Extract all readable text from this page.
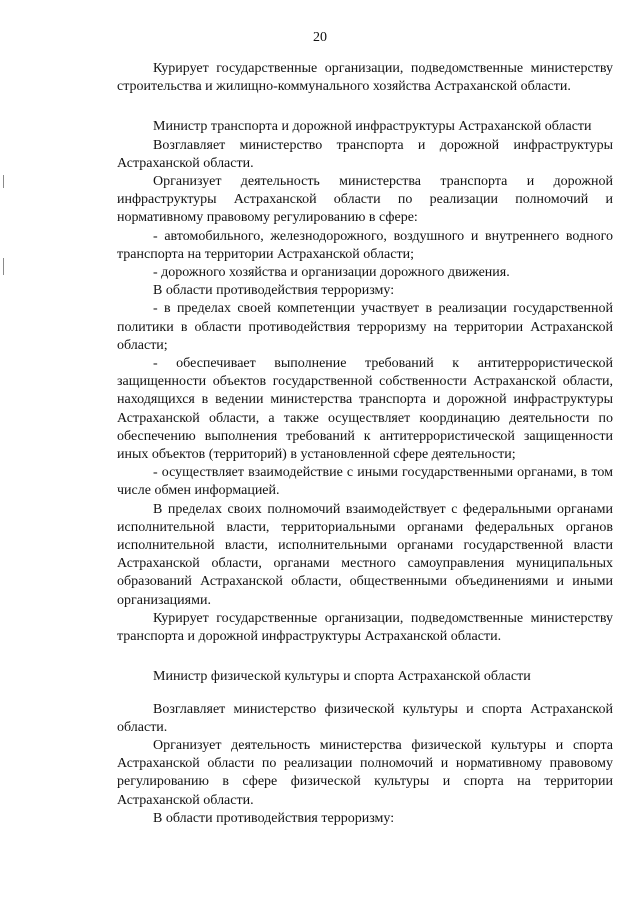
20

Курирует государственные организации, подведомственные министерству строительства и жилищно-коммунального хозяйства Астраханской области.

Министр транспорта и дорожной инфраструктуры Астраханской области

Возглавляет министерство транспорта и дорожной инфраструктуры Астраханской области.

Организует деятельность министерства транспорта и дорожной инфраструктуры Астраханской области по реализации полномочий и нормативному правовому регулированию в сфере:

- автомобильного, железнодорожного, воздушного и внутреннего водного транспорта на территории Астраханской области;

- дорожного хозяйства и организации дорожного движения.

В области противодействия терроризму:

- в пределах своей компетенции участвует в реализации государственной политики в области противодействия терроризму на территории Астраханской области;

- обеспечивает выполнение требований к антитеррористической защищенности объектов государственной собственности Астраханской области, находящихся в ведении министерства транспорта и дорожной инфраструктуры Астраханской области, а также осуществляет координацию деятельности по обеспечению выполнения требований к антитеррористической защищенности иных объектов (территорий) в установленной сфере деятельности;

- осуществляет взаимодействие с иными государственными органами, в том числе обмен информацией.

В пределах своих полномочий взаимодействует с федеральными органами исполнительной власти, территориальными органами федеральных органов исполнительной власти, исполнительными органами государственной власти Астраханской области, органами местного самоуправления муниципальных образований Астраханской области, общественными объединениями и иными организациями.

Курирует государственные организации, подведомственные министерству транспорта и дорожной инфраструктуры Астраханской области.

Министр физической культуры и спорта Астраханской области

Возглавляет министерство физической культуры и спорта Астраханской области.

Организует деятельность министерства физической культуры и спорта Астраханской области по реализации полномочий и нормативному правовому регулированию в сфере физической культуры и спорта на территории Астраханской области.

В области противодействия терроризму:
